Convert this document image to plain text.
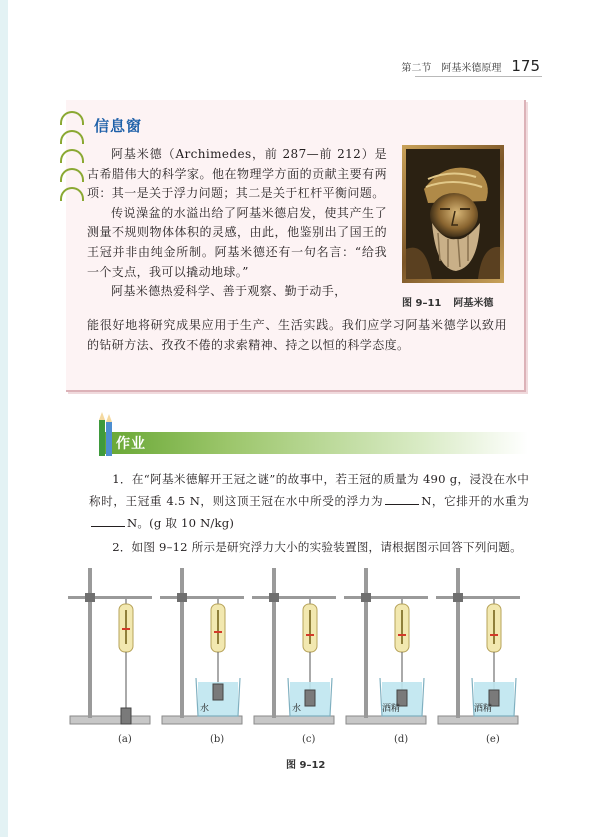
第二节　阿基米德原理 175
信息窗

阿基米德（Archimedes，前 287—前 212）是古希腊伟大的科学家。他在物理学方面的贡献主要有两项：其一是关于浮力问题；其二是关于杠杆平衡问题。

传说澡盆的水溢出给了阿基米德启发，使其产生了测量不规则物体体积的灵感，由此，他鉴别出了国王的王冠并非由纯金所制。阿基米德还有一句名言：“给我一个支点，我可以撬动地球。”

阿基米德热爱科学、善于观察、勤于动手，

能很好地将研究成果应用于生产、生活实践。我们应学习阿基米德学以致用的钻研方法、孜孜不倦的求索精神、持之以恒的科学态度。

图 9–11 阿基米德
作业
1．在“阿基米德解开王冠之谜”的故事中，若王冠的质量为 490 g，浸没在水中称时，王冠重 4.5 N，则这顶王冠在水中所受的浮力为	N，它排开的水重为N。(g 取 10 N/kg)
2．如图 9–12 所示是研究浮力大小的实验装置图，请根据图示回答下列问题。
水	水	酒精	酒精
(a)	(b)	(c)	(d)	(e)
图 9–12
